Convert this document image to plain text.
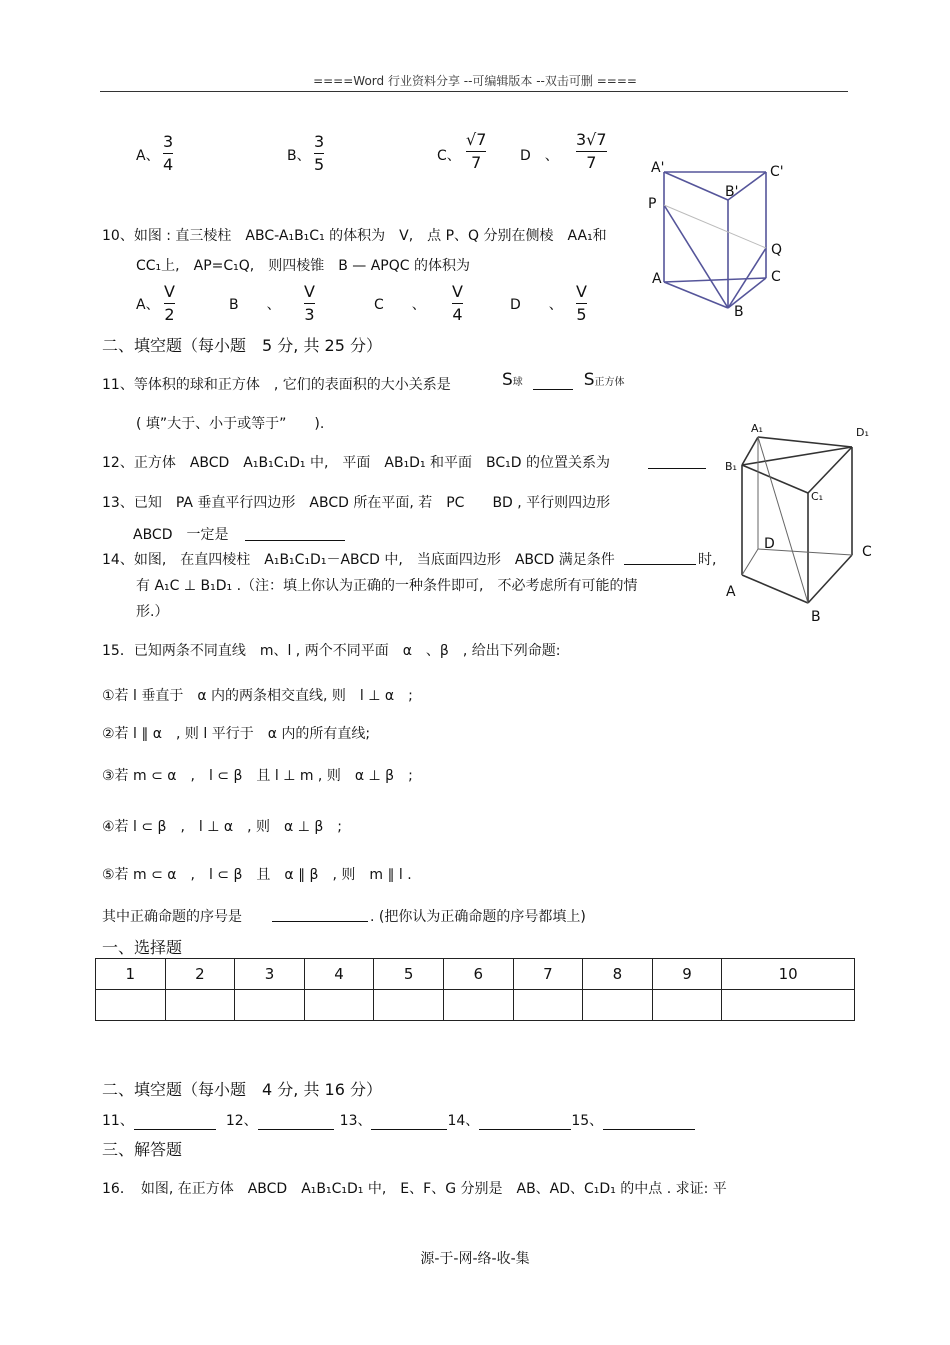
====Word 行业资料分享 --可编辑版本 --双击可删 ====
A、
3
4	B、
3
5	C、
√7
7	D　、
3√7
7	A'	C'
B'
P
Q
A	C
B
10、如图 : 直三棱柱　ABC-A₁B₁C₁ 的体积为　V,　点 P、Q 分别在侧棱　AA₁和
CC₁上,　AP=C₁Q,　则四棱锥　B — APQC 的体积为
A、
V
2	B　　、
V
3	C　　、
V
4	D　　、
V
5
二、填空题（每小题　5 分, 共 25 分）
11、等体积的球和正方体　, 它们的表面积的大小关系是	S球	S正方体
( 填”大于、小于或等于”　　).
12、正方体　ABCD　A₁B₁C₁D₁ 中,　平面　AB₁D₁ 和平面　BC₁D 的位置关系为
13、已知　PA 垂直平行四边形　ABCD 所在平面, 若　PC　　BD , 平行则四边形
ABCD　一定是
14、如图,　在直四棱柱　A₁B₁C₁D₁－ABCD 中,　当底面四边形　ABCD 满足条件	时,
有 A₁C ⊥ B₁D₁ .（注：填上你认为正确的一种条件即可,　不必考虑所有可能的情
形.）
A₁	D₁
B₁
C₁
D	C
A
B
15．已知两条不同直线　m、l , 两个不同平面　α　、β　, 给出下列命题:
①若 l 垂直于　α 内的两条相交直线, 则　l ⊥ α　;
②若 l ∥ α　, 则 l 平行于　α 内的所有直线;
③若 m ⊂ α　,　l ⊂ β　且 l ⊥ m , 则　α ⊥ β　;
④若 l ⊂ β　,　l ⊥ α　, 则　α ⊥ β　;
⑤若 m ⊂ α　,　l ⊂ β　且　α ∥ β　, 则　m ∥ l .
其中正确命题的序号是	. (把你认为正确命题的序号都填上)
一、选择题
1	2	3	4	5	6	7	8	9	10

二、填空题（每小题　4 分, 共 16 分）
11、	12、	13、	14、	15、
三、解答题
16．　如图, 在正方体　ABCD　A₁B₁C₁D₁ 中,　E、F、G 分别是　AB、AD、C₁D₁ 的中点 . 求证: 平
源-于-网-络-收-集
